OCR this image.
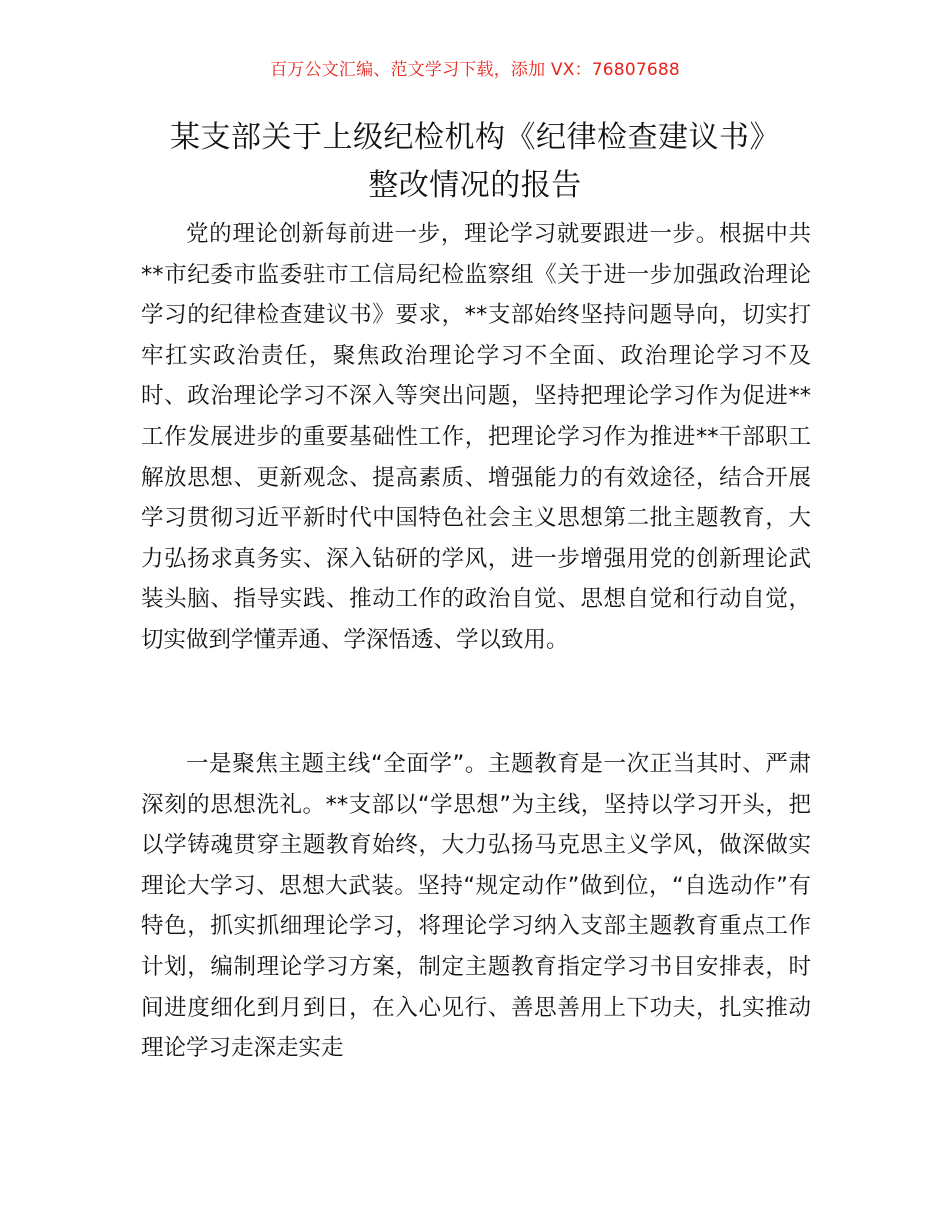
百万公文汇编、范文学习下载，添加 VX：76807688
某支部关于上级纪检机构《纪律检查建议书》
整改情况的报告

党的理论创新每前进一步，理论学习就要跟进一步。根据中共**市纪委市监委驻市工信局纪检监察组《关于进一步加强政治理论学习的纪律检查建议书》要求，**支部始终坚持问题导向，切实打牢扛实政治责任，聚焦政治理论学习不全面、政治理论学习不及时、政治理论学习不深入等突出问题，坚持把理论学习作为促进**工作发展进步的重要基础性工作，把理论学习作为推进**干部职工解放思想、更新观念、提高素质、增强能力的有效途径，结合开展学习贯彻习近平新时代中国特色社会主义思想第二批主题教育，大力弘扬求真务实、深入钻研的学风，进一步增强用党的创新理论武装头脑、指导实践、推动工作的政治自觉、思想自觉和行动自觉，切实做到学懂弄通、学深悟透、学以致用。

一是聚焦主题主线“全面学”。主题教育是一次正当其时、严肃深刻的思想洗礼。**支部以“学思想”为主线，坚持以学习开头，把以学铸魂贯穿主题教育始终，大力弘扬马克思主义学风，做深做实理论大学习、思想大武装。坚持“规定动作”做到位，“自选动作”有特色，抓实抓细理论学习，将理论学习纳入支部主题教育重点工作计划，编制理论学习方案，制定主题教育指定学习书目安排表，时间进度细化到月到日，在入心见行、善思善用上下功夫，扎实推动理论学习走深走实走
